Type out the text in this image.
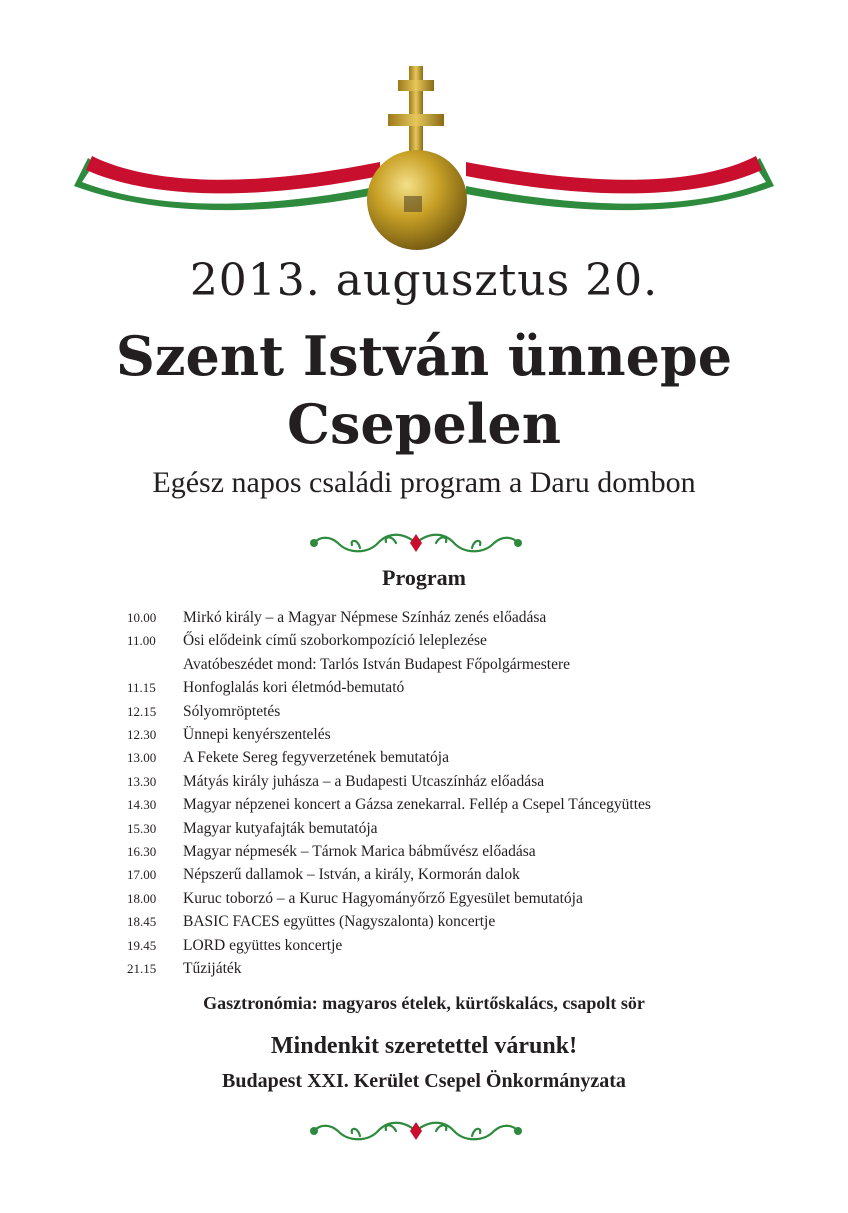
2013. augusztus 20.
Szent István ünnepe
Csepelen
Egész napos családi program a Daru dombon
Program
10.00	Mirkó király – a Magyar Népmese Színház zenés előadása
11.00	Ősi elődeink című szoborkompozíció leleplezése
Avatóbeszédet mond: Tarlós István Budapest Főpolgármestere
11.15	Honfoglalás kori életmód-bemutató
12.15	Sólyomröptetés
12.30	Ünnepi kenyérszentelés
13.00	A Fekete Sereg fegyverzetének bemutatója
13.30	Mátyás király juhásza – a Budapesti Utcaszínház előadása
14.30	Magyar népzenei koncert a Gázsa zenekarral. Fellép a Csepel Táncegyüttes
15.30	Magyar kutyafajták bemutatója
16.30	Magyar népmesék – Tárnok Marica bábművész előadása
17.00	Népszerű dallamok – István, a király, Kormorán dalok
18.00	Kuruc toborzó – a Kuruc Hagyományőrző Egyesület bemutatója
18.45	BASIC FACES együttes (Nagyszalonta) koncertje
19.45	LORD együttes koncertje
21.15	Tűzijáték
Gasztronómia: magyaros ételek, kürtőskalács, csapolt sör
Mindenkit szeretettel várunk!
Budapest XXI. Kerület Csepel Önkormányzata
